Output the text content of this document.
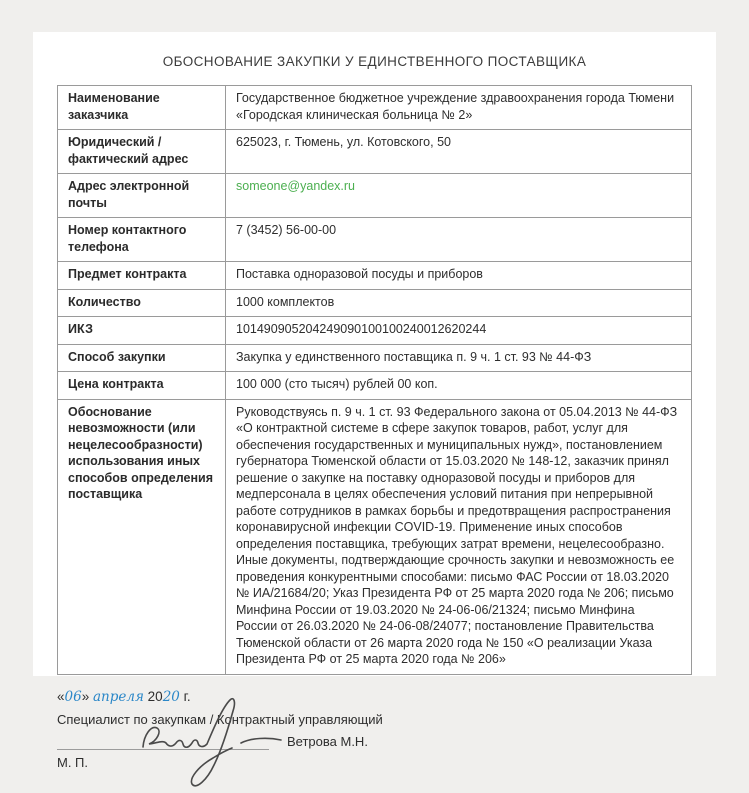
ОБОСНОВАНИЕ ЗАКУПКИ У ЕДИНСТВЕННОГО ПОСТАВЩИКА
Наименование заказчика	Государственное бюджетное учреждение здравоохранения города Тюмени «Городская клиническая больница № 2»
Юридический / фактический адрес	625023, г. Тюмень, ул. Котовского, 50
Адрес электронной почты	someone@yandex.ru
Номер контактного телефона	7 (3452) 56-00-00
Предмет контракта	Поставка одноразовой посуды и приборов
Количество	1000 комплектов
ИКЗ	101490905204249090100100240012620244
Способ закупки	Закупка у единственного поставщика п. 9 ч. 1 ст. 93 № 44-ФЗ
Цена контракта	100 000 (сто тысяч) рублей 00 коп.
Обоснование невозможности (или нецелесообразности) использования иных способов определения поставщика	Руководствуясь п. 9 ч. 1 ст. 93 Федерального закона от 05.04.2013 № 44-ФЗ «О контрактной системе в сфере закупок товаров, работ, услуг для обеспечения государственных и муниципальных нужд», постановлением губернатора Тюменской области от 15.03.2020 № 148-12, заказчик принял решение о закупке на поставку одноразовой посуды и приборов для медперсонала в целях обеспечения условий питания при непрерывной работе сотрудников в рамках борьбы и предотвращения распространения коронавирусной инфекции COVID-19. Применение иных способов определения поставщика, требующих затрат времени, нецелесообразно.

Иные документы, подтверждающие срочность закупки и невозможность ее проведения конкурентными способами: письмо ФАС России от 18.03.2020 № ИА/21684/20; Указ Президента РФ от 25 марта 2020 года № 206; письмо Минфина России от 19.03.2020 № 24-06-06/21324; письмо Минфина России от 26.03.2020 № 24-06-08/24077; постановление Правительства Тюменской области от 26 марта 2020 года № 150 «О реализации Указа Президента РФ от 25 марта 2020 года № 206»

«06» апреля 2020 г.
Специалист по закупкам / Контрактный управляющий
Ветрова М.Н.
М. П.
